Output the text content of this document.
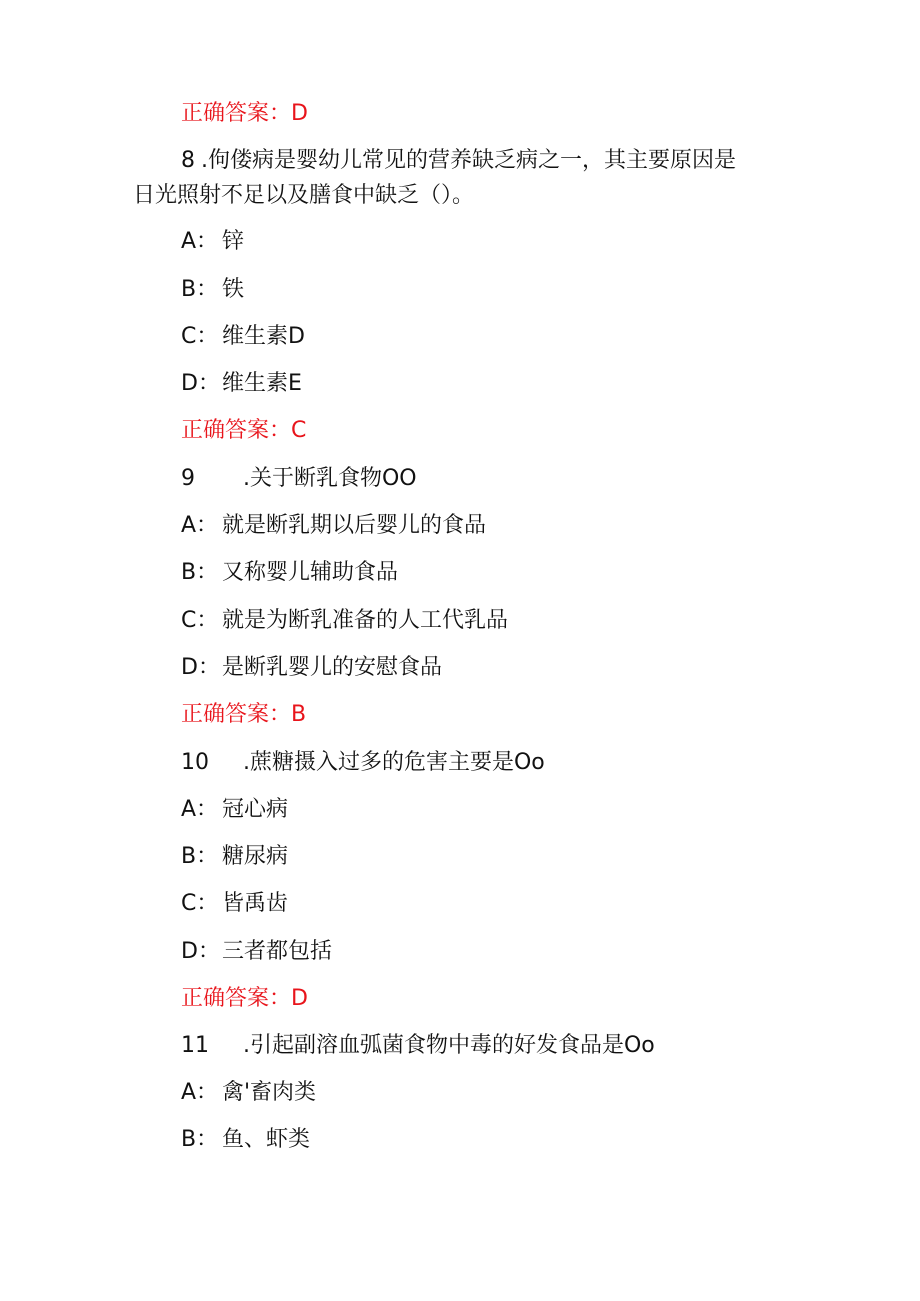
正确答案：D
8 .佝偻病是婴幼儿常见的营养缺乏病之一，其主要原因是
日光照射不足以及膳食中缺乏（）。
A： 锌
B： 铁
C： 维生素D
D：维生素E
正确答案：C
9 .关于断乳食物OO
A： 就是断乳期以后婴儿的食品
B： 又称婴儿辅助食品
C： 就是为断乳准备的人工代乳品
D：是断乳婴儿的安慰食品
正确答案：B
10 .蔗糖摄入过多的危害主要是Oo
A： 冠心病
B： 糖尿病
C： 皆禹齿
D：三者都包括
正确答案：D
11 .引起副溶血弧菌食物中毒的好发食品是Oo
A： 禽'畜肉类
B： 鱼、虾类
